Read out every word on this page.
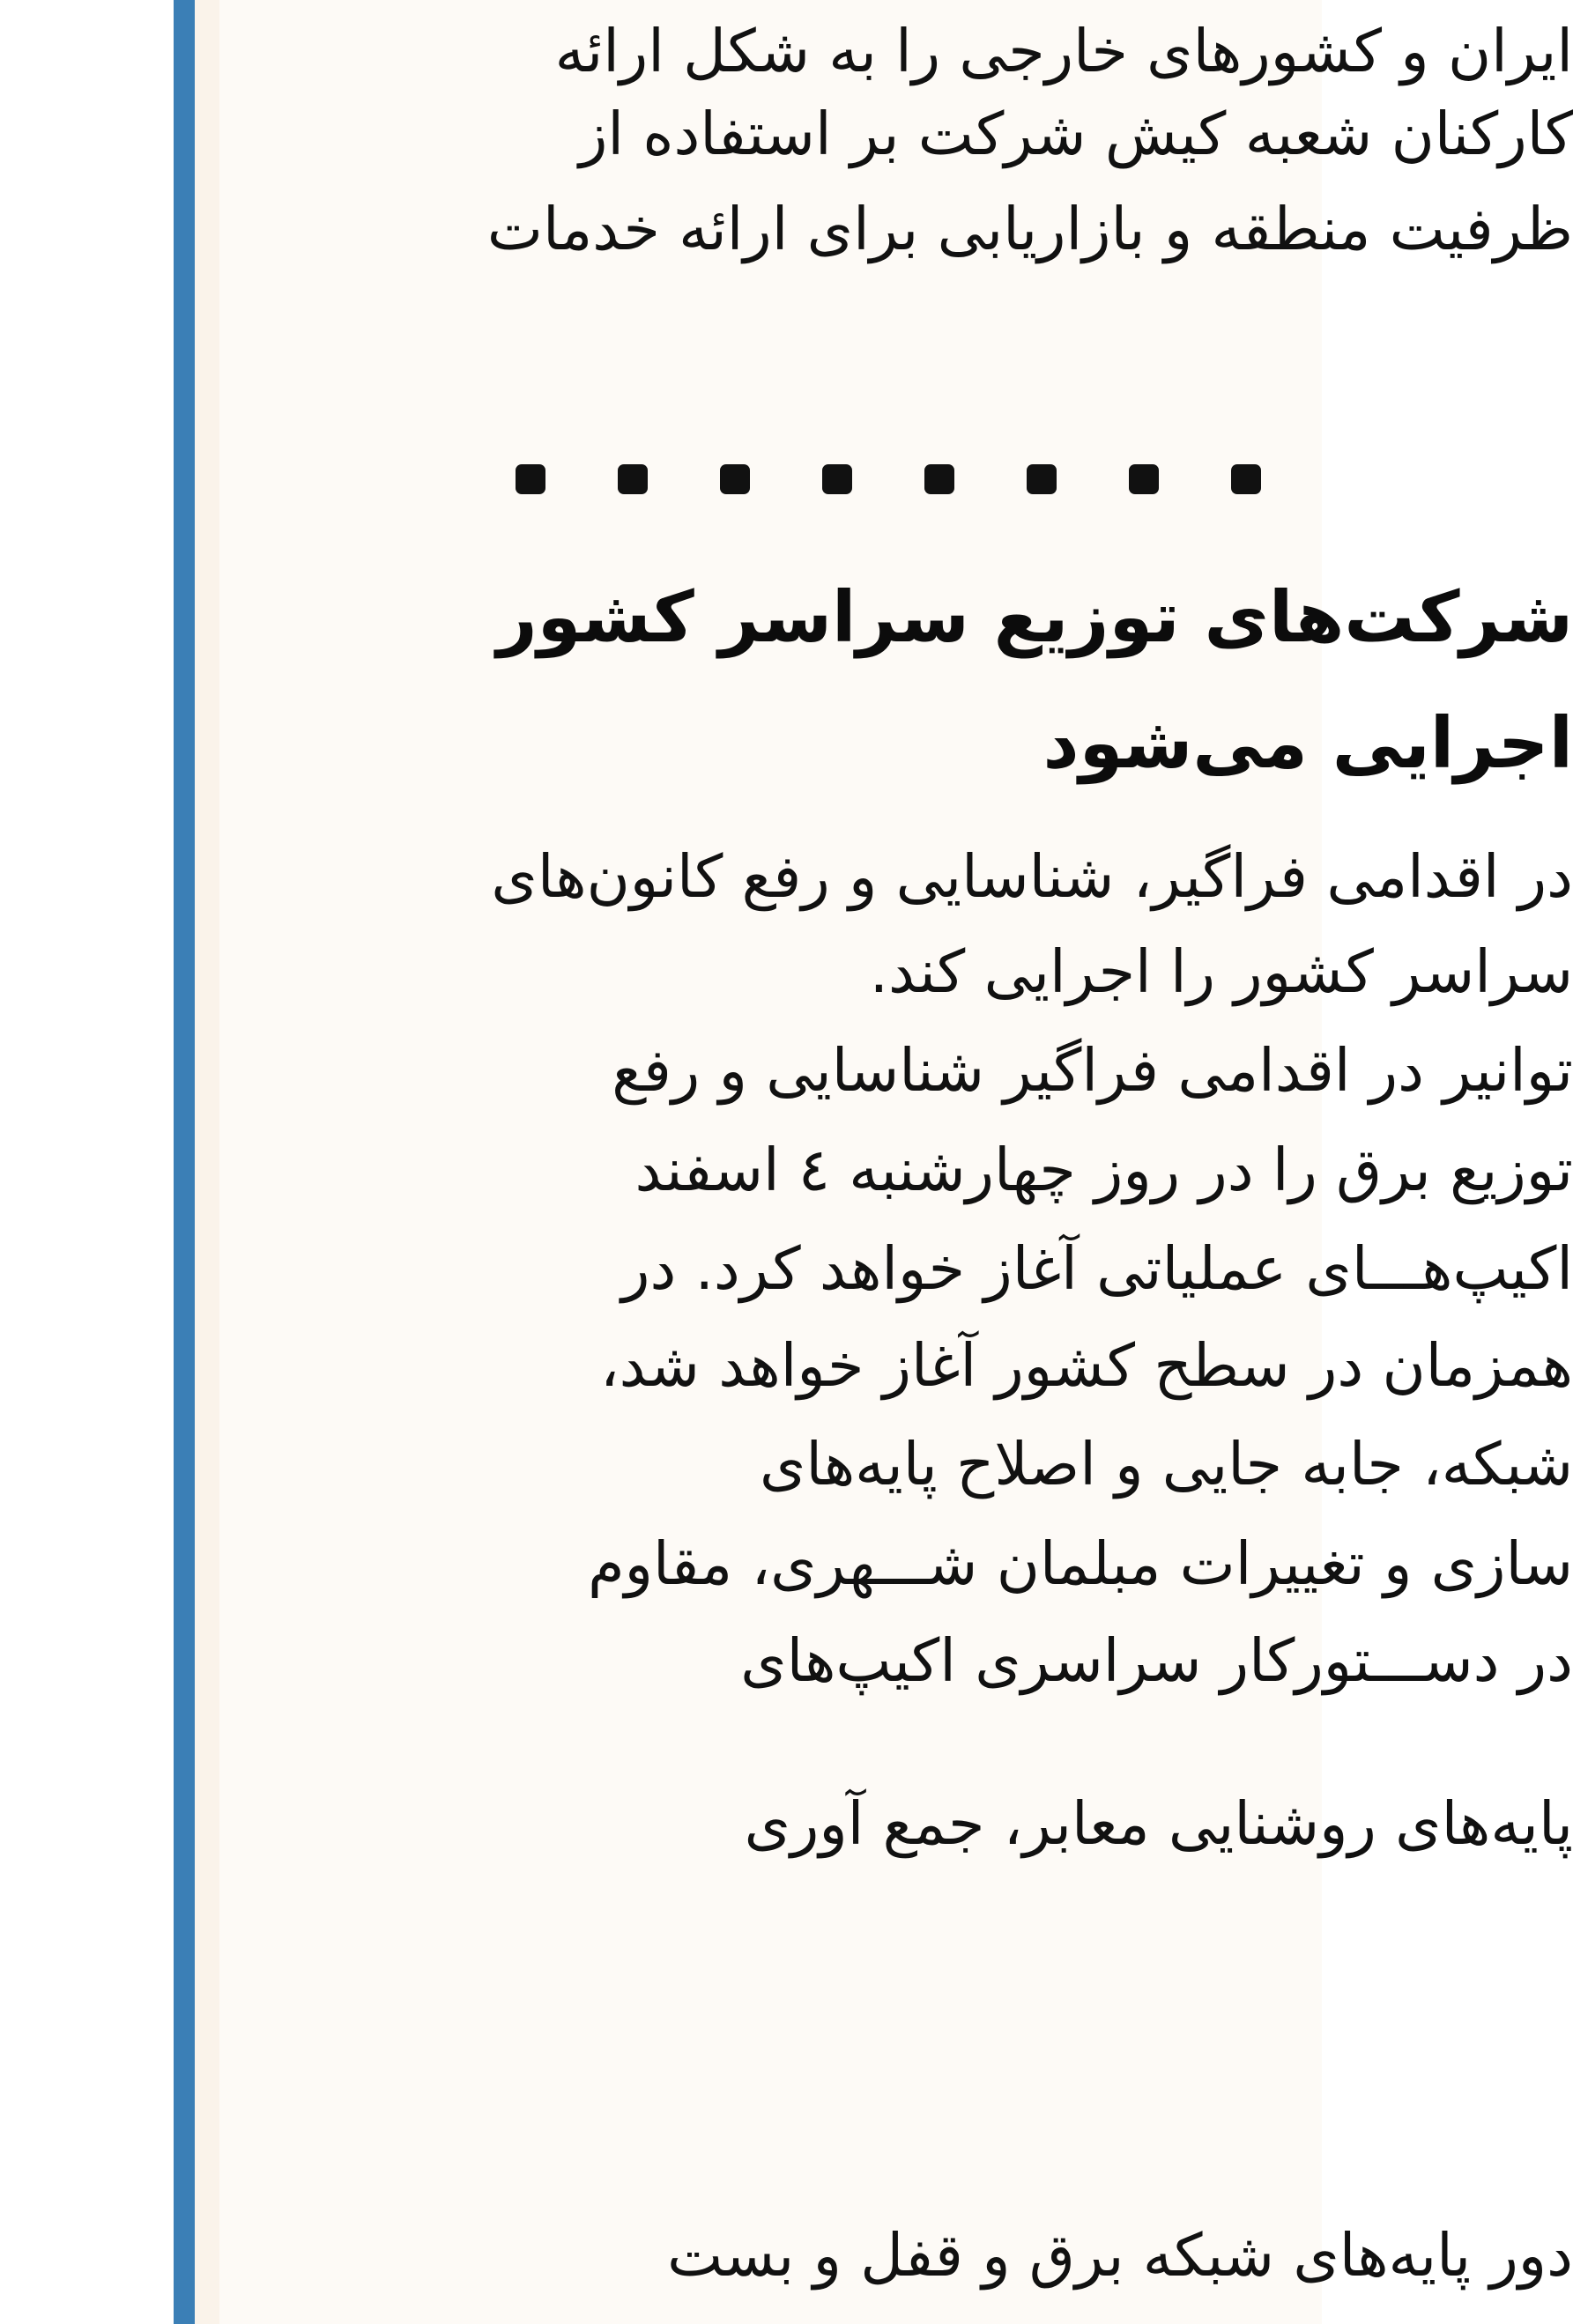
ایران و کشورهای خارجی را به شکل ارائه
کارکنان شعبه کیش شرکت بر استفاده از
ظرفیت منطقه و بازاریابی برای ارائه خدمات
شرکت‌های توزیع سراسر کشور
اجرایی می‌شود
در اقدامی فراگیر، شناسایی و رفع کانون‌های
سراسر کشور را اجرایی کند.
توانیر در اقدامی فراگیر شناسایی و رفع
توزیع برق را در روز چهارشنبه ٤ اسفند
اکیپ‌هـــای عملیاتی آغاز خواهد کرد. در
همزمان در سطح کشور آغاز خواهد شد،
شبکه، جابه جایی و اصلاح پایه‌های
سازی و تغییرات مبلمان شـــهری، مقاوم
در دســـتورکار سراسری اکیپ‌های
پایه‌های روشنایی معابر، جمع آوری
دور پایه‌های شبکه برق و قفل و بست
